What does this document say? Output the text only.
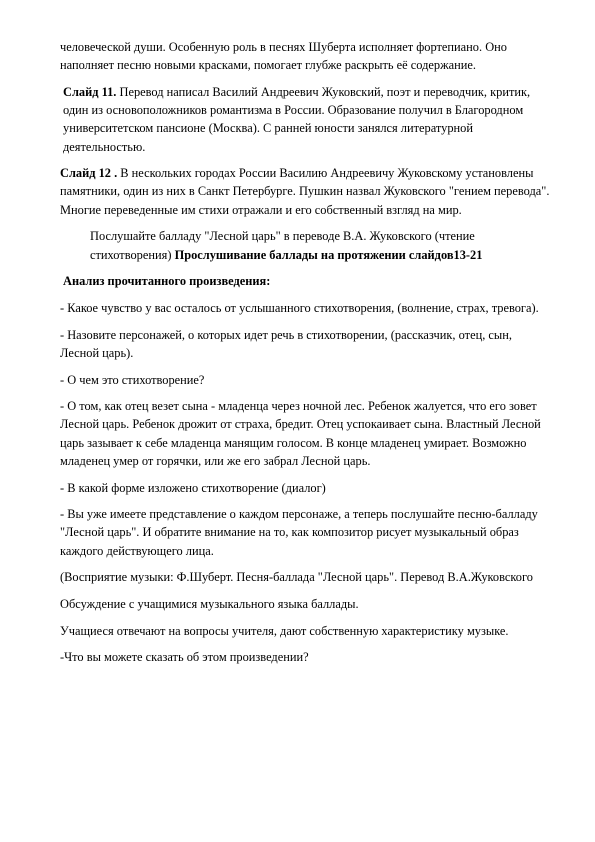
человеческой души. Особенную роль в песнях Шуберта исполняет фортепиано. Оно наполняет песню новыми красками, помогает глубже раскрыть её содержание.

Слайд 11. Перевод написал Василий Андреевич Жуковский, поэт и переводчик, критик, один из основоположников романтизма в России. Образование получил в Благородном университетском пансионе (Москва). С ранней юности занялся литературной деятельностью.

Слайд 12 . В нескольких городах России Василию Андреевичу Жуковскому установлены памятники, один из них в Санкт Петербурге. Пушкин назвал Жуковского "гением перевода". Многие переведенные им стихи отражали и его собственный взгляд на мир.

Послушайте балладу "Лесной царь" в переводе В.А. Жуковского (чтение стихотворения) Прослушивание баллады на протяжении слайдов13-21

Анализ прочитанного произведения:

- Какое чувство у вас осталось от услышанного стихотворения, (волнение, страх, тревога).

- Назовите персонажей, о которых идет речь в стихотворении, (рассказчик, отец, сын, Лесной царь).

- О чем это стихотворение?

- О том, как отец везет сына - младенца через ночной лес. Ребенок жалуется, что его зовет Лесной царь. Ребенок дрожит от страха, бредит. Отец успокаивает сына. Властный Лесной царь зазывает к себе младенца манящим голосом. В конце младенец умирает. Возможно младенец умер от горячки, или же его забрал Лесной царь.

- В какой форме изложено стихотворение (диалог)

- Вы уже имеете представление о каждом персонаже, а теперь послушайте песню-балладу "Лесной царь". И обратите внимание на то, как композитор рисует музыкальный образ каждого действующего лица.

(Восприятие музыки: Ф.Шуберт. Песня-баллада "Лесной царь". Перевод В.А.Жуковского

Обсуждение с учащимися музыкального языка баллады.

Учащиеся отвечают на вопросы учителя, дают собственную характеристику музыке.

-Что вы можете сказать об этом произведении?
